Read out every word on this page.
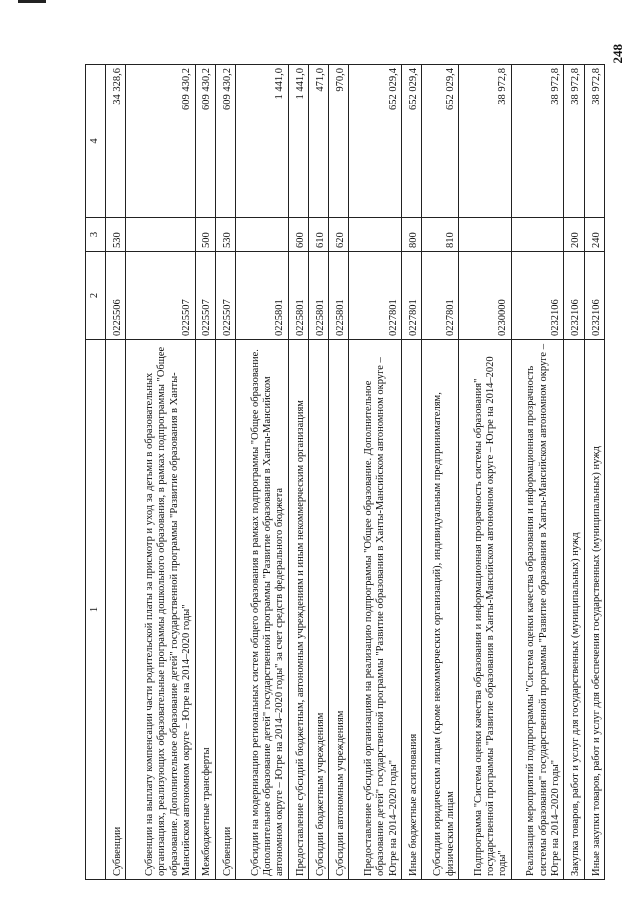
248
1	2	3	4
Субвенции	0225506	530	34 328,6
Субвенции на выплату компенсации части родительской платы за присмотр и уход за детьми в образовательных организациях, реализующих образовательные программы дошкольного образования, в рамках подпрограммы "Общее образование. Дополнительное образование детей" государственной программы "Развитие образования в Ханты-Мансийском автономном округе – Югре на 2014–2020 годы"	0225507		609 430,2
Межбюджетные трансферты	0225507	500	609 430,2
Субвенции	0225507	530	609 430,2
Субсидии на модернизацию региональных систем общего образования в рамках подпрограммы "Общее образование. Дополнительное образование детей" государственной программы "Развитие образования в Ханты-Мансийском автономном округе – Югре на 2014–2020 годы" за счет средств федерального бюджета	0225801		1 441,0
Предоставление субсидий бюджетным, автономным учреждениям и иным некоммерческим организациям	0225801	600	1 441,0
Субсидии бюджетным учреждениям	0225801	610	471,0
Субсидии автономным учреждениям	0225801	620	970,0
Предоставление субсидий организациям на реализацию подпрограммы "Общее образование. Дополнительное образование детей" государственной программы "Развитие образования в Ханты-Мансийском автономном округе – Югре на 2014–2020 годы"	0227801		652 029,4
Иные бюджетные ассигнования	0227801	800	652 029,4
Субсидии юридическим лицам (кроме некоммерческих организаций), индивидуальным предпринимателям, физическим лицам	0227801	810	652 029,4
Подпрограмма "Система оценки качества образования и информационная прозрачность системы образования" государственной программы "Развитие образования в Ханты-Мансийском автономном округе – Югре на 2014–2020 годы"	0230000		38 972,8
Реализация мероприятий подпрограммы "Система оценки качества образования и информационная прозрачность системы образования" государственной программы "Развитие образования в Ханты-Мансийском автономном округе – Югре на 2014–2020 годы"	0232106		38 972,8
Закупка товаров, работ и услуг для государственных (муниципальных) нужд	0232106	200	38 972,8
Иные закупки товаров, работ и услуг для обеспечения государственных (муниципальных) нужд	0232106	240	38 972,8
